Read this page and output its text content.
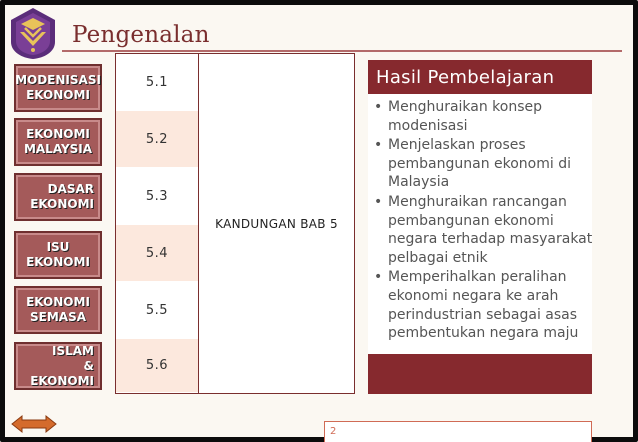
Pengenalan
MODENISASI
EKONOMI
EKONOMI
MALAYSIA
DASAR
EKONOMI
ISU EKONOMI
EKONOMI
SEMASA
ISLAM
& EKONOMI
5.1
5.2
5.3
5.4
5.5
5.6
KANDUNGAN BAB 5
Hasil Pembelajaran
• Menghuraikan konsep modenisasi
• Menjelaskan proses pembangunan ekonomi di Malaysia
• Menghuraikan rancangan pembangunan ekonomi negara terhadap masyarakat pelbagai etnik
• Memperihalkan peralihan ekonomi negara ke arah perindustrian sebagai asas pembentukan negara maju
2
